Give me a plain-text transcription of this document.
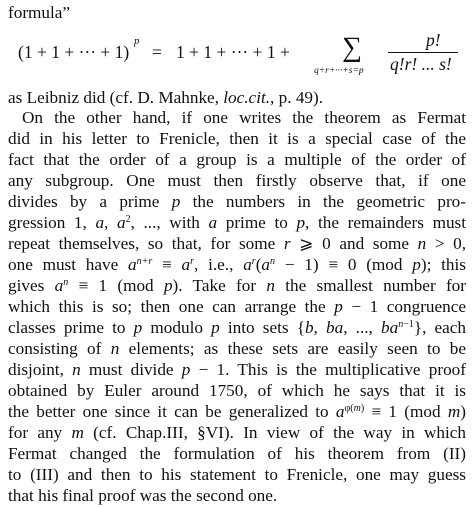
formula”
(1 + 1 + ··· + 1)
p
= 1 + 1 + ··· + 1 + ∑
q+r+···+s=p
p!
q!r! ... s!
as Leibniz did (cf. D. Mahnke, loc.cit., p. 49).
On the other hand, if one writes the theorem as Fermat
did in his letter to Frenicle, then it is a special case of the
fact that the order of a group is a multiple of the order of
any subgroup. One must then firstly observe that, if one
divides by a prime p the numbers in the geometric pro-
gression 1, a, $a^2$, ..., with a prime to p, the remainders must
repeat themselves, so that, for some r ⩾ 0 and some n > 0,
one must have $a^{n+r} \equiv a^r$, i.e., $a^r(a^n - 1) \equiv 0$ (mod p); this
gives $a^n \equiv 1$ (mod p). Take for n the smallest number for
which this is so; then one can arrange the p − 1 congruence
classes prime to p modulo p into sets {b, ba, ..., $ba^{n-1}$}, each
consisting of n elements; as these sets are easily seen to be
disjoint, n must divide p − 1. This is the multiplicative proof
obtained by Euler around 1750, of which he says that it is
the better one since it can be generalized to $a^{\varphi(m)} \equiv 1$ (mod m)
for any m (cf. Chap.III, §VI). In view of the way in which
Fermat changed the formulation of his theorem from (II)
to (III) and then to his statement to Frenicle, one may guess
that his final proof was the second one.
